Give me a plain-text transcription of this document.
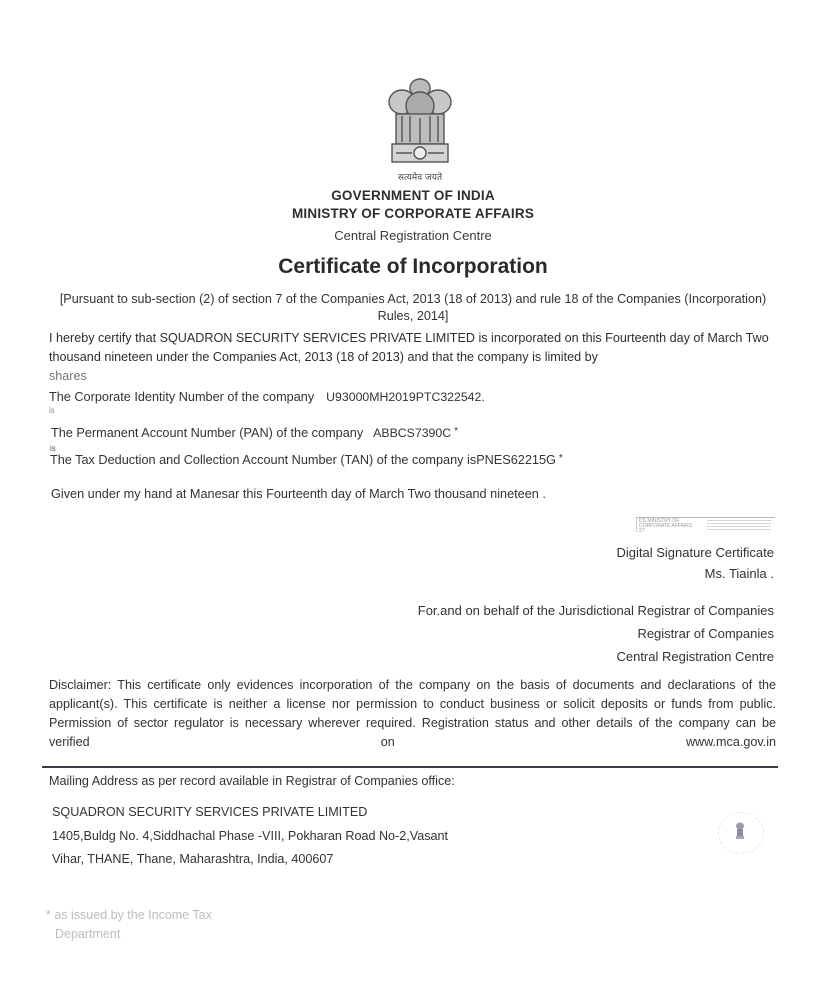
सत्यमेव जयते
GOVERNMENT OF INDIA
MINISTRY OF CORPORATE AFFAIRS
Central Registration Centre
Certificate of Incorporation
[Pursuant to sub-section (2) of section 7 of the Companies Act, 2013 (18 of 2013) and rule 18 of the Companies (Incorporation) Rules, 2014]
I hereby certify that SQUADRON SECURITY SERVICES PRIVATE LIMITED is incorporated on this Fourteenth day of March Two thousand nineteen under the Companies Act, 2013 (18 of 2013) and that the company is limited by
shares
The Corporate Identity Number of the company U93000MH2019PTC322542.
is
The Permanent Account Number (PAN) of the company ABBCS7390C *
is
The Tax Deduction and Collection Account Number (TAN) of the company isPNES62215G *
Given under my hand at Manesar this Fourteenth day of March Two thousand nineteen .
DS MINISTRY OF CORPORATE AFFAIRS 27
Digital Signature Certificate
Ms. Tiainla .
For.and on behalf of the Jurisdictional Registrar of Companies
Registrar of Companies
Central Registration Centre
Disclaimer: This certificate only evidences incorporation of the company on the basis of documents and declarations of the applicant(s). This certificate is neither a license nor permission to conduct business or solicit deposits or funds from public. Permission of sector regulator is necessary wherever required. Registration status and other details of the company can be verified on www.mca.gov.in
Mailing Address as per record available in Registrar of Companies office:
SQUADRON SECURITY SERVICES PRIVATE LIMITED
1405,Buldg No. 4,Siddhachal Phase -VIII, Pokharan Road No-2,Vasant
Vihar, THANE, Thane, Maharashtra, India, 400607
* as issued by the Income Tax
Department
